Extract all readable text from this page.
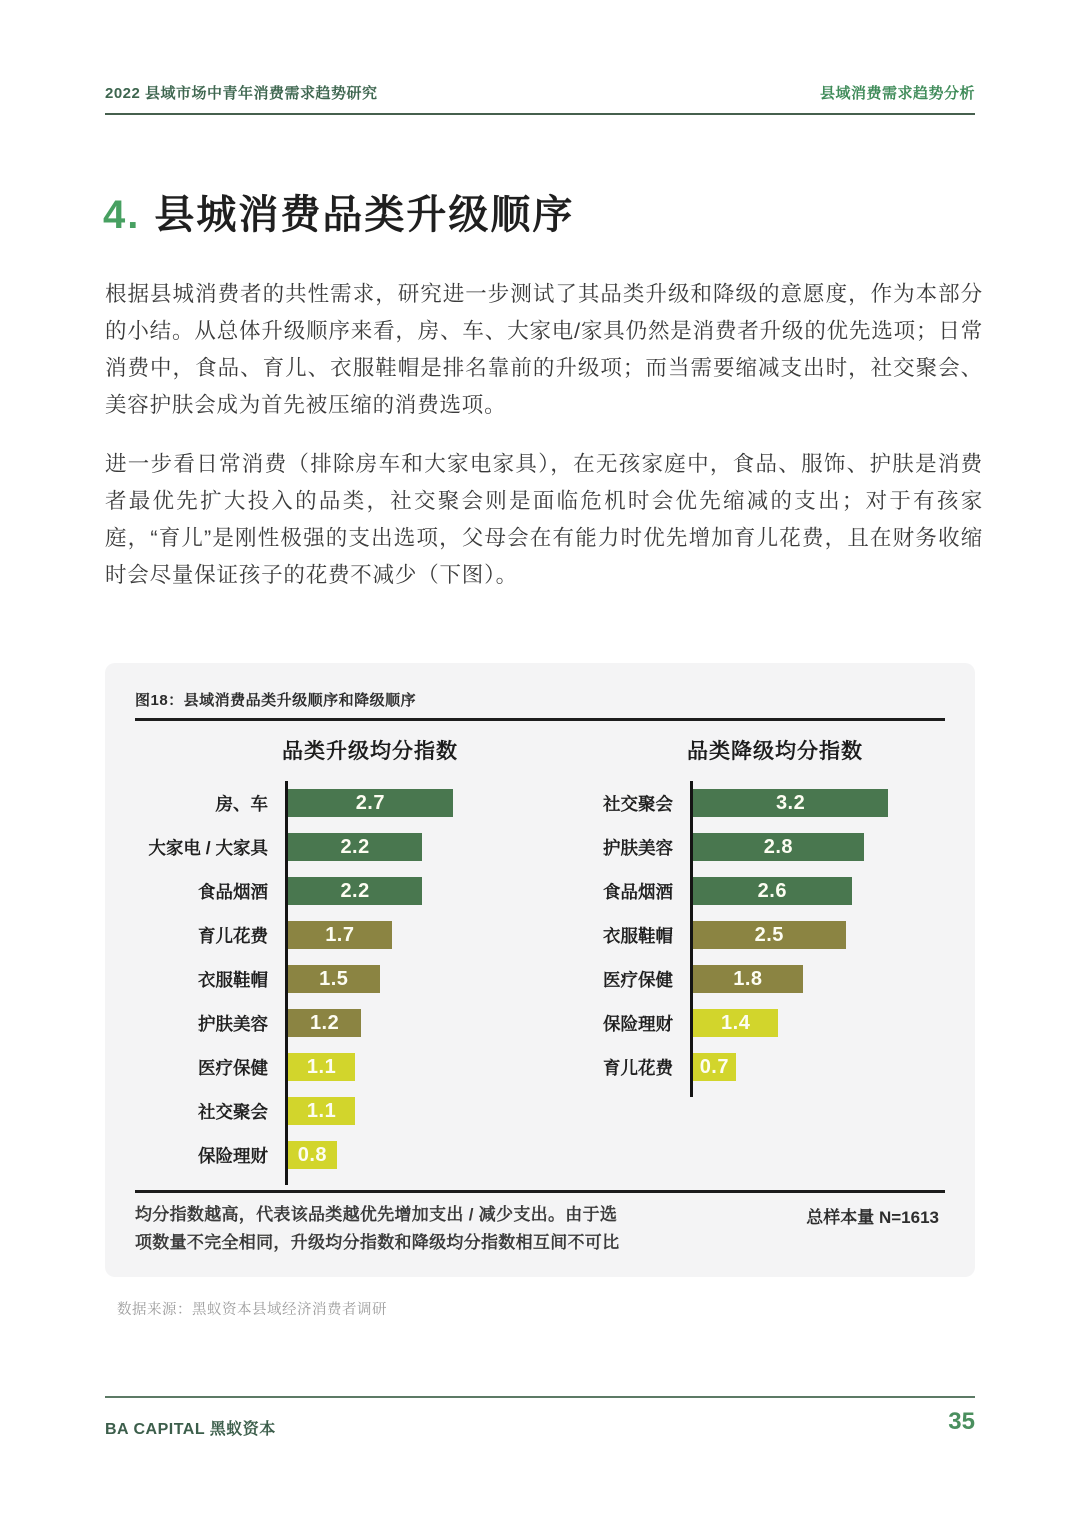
2022 县域市场中青年消费需求趋势研究	县域消费需求趋势分析
4. 县城消费品类升级顺序
根据县城消费者的共性需求，研究进一步测试了其品类升级和降级的意愿度，作为本部分的小结。从总体升级顺序来看，房、车、大家电/家具仍然是消费者升级的优先选项；日常消费中，食品、育儿、衣服鞋帽是排名靠前的升级项；而当需要缩减支出时，社交聚会、美容护肤会成为首先被压缩的消费选项。
进一步看日常消费（排除房车和大家电家具），在无孩家庭中，食品、服饰、护肤是消费者最优先扩大投入的品类，社交聚会则是面临危机时会优先缩减的支出；对于有孩家庭，“育儿”是刚性极强的支出选项，父母会在有能力时优先增加育儿花费，且在财务收缩时会尽量保证孩子的花费不减少（下图）。
图18：县域消费品类升级顺序和降级顺序
品类升级均分指数
房、车	2.7
大家电 / 大家具	2.2
食品烟酒	2.2
育儿花费	1.7
衣服鞋帽	1.5
护肤美容	1.2
医疗保健	1.1
社交聚会	1.1
保险理财	0.8
品类降级均分指数
社交聚会	3.2
护肤美容	2.8
食品烟酒	2.6
衣服鞋帽	2.5
医疗保健	1.8
保险理财	1.4
育儿花费	0.7
均分指数越高，代表该品类越优先增加支出 / 减少支出。由于选
项数量不完全相同，升级均分指数和降级均分指数相互间不可比
总样本量 N=1613
数据来源：黑蚁资本县域经济消费者调研
BA CAPITAL 黑蚁资本	35
